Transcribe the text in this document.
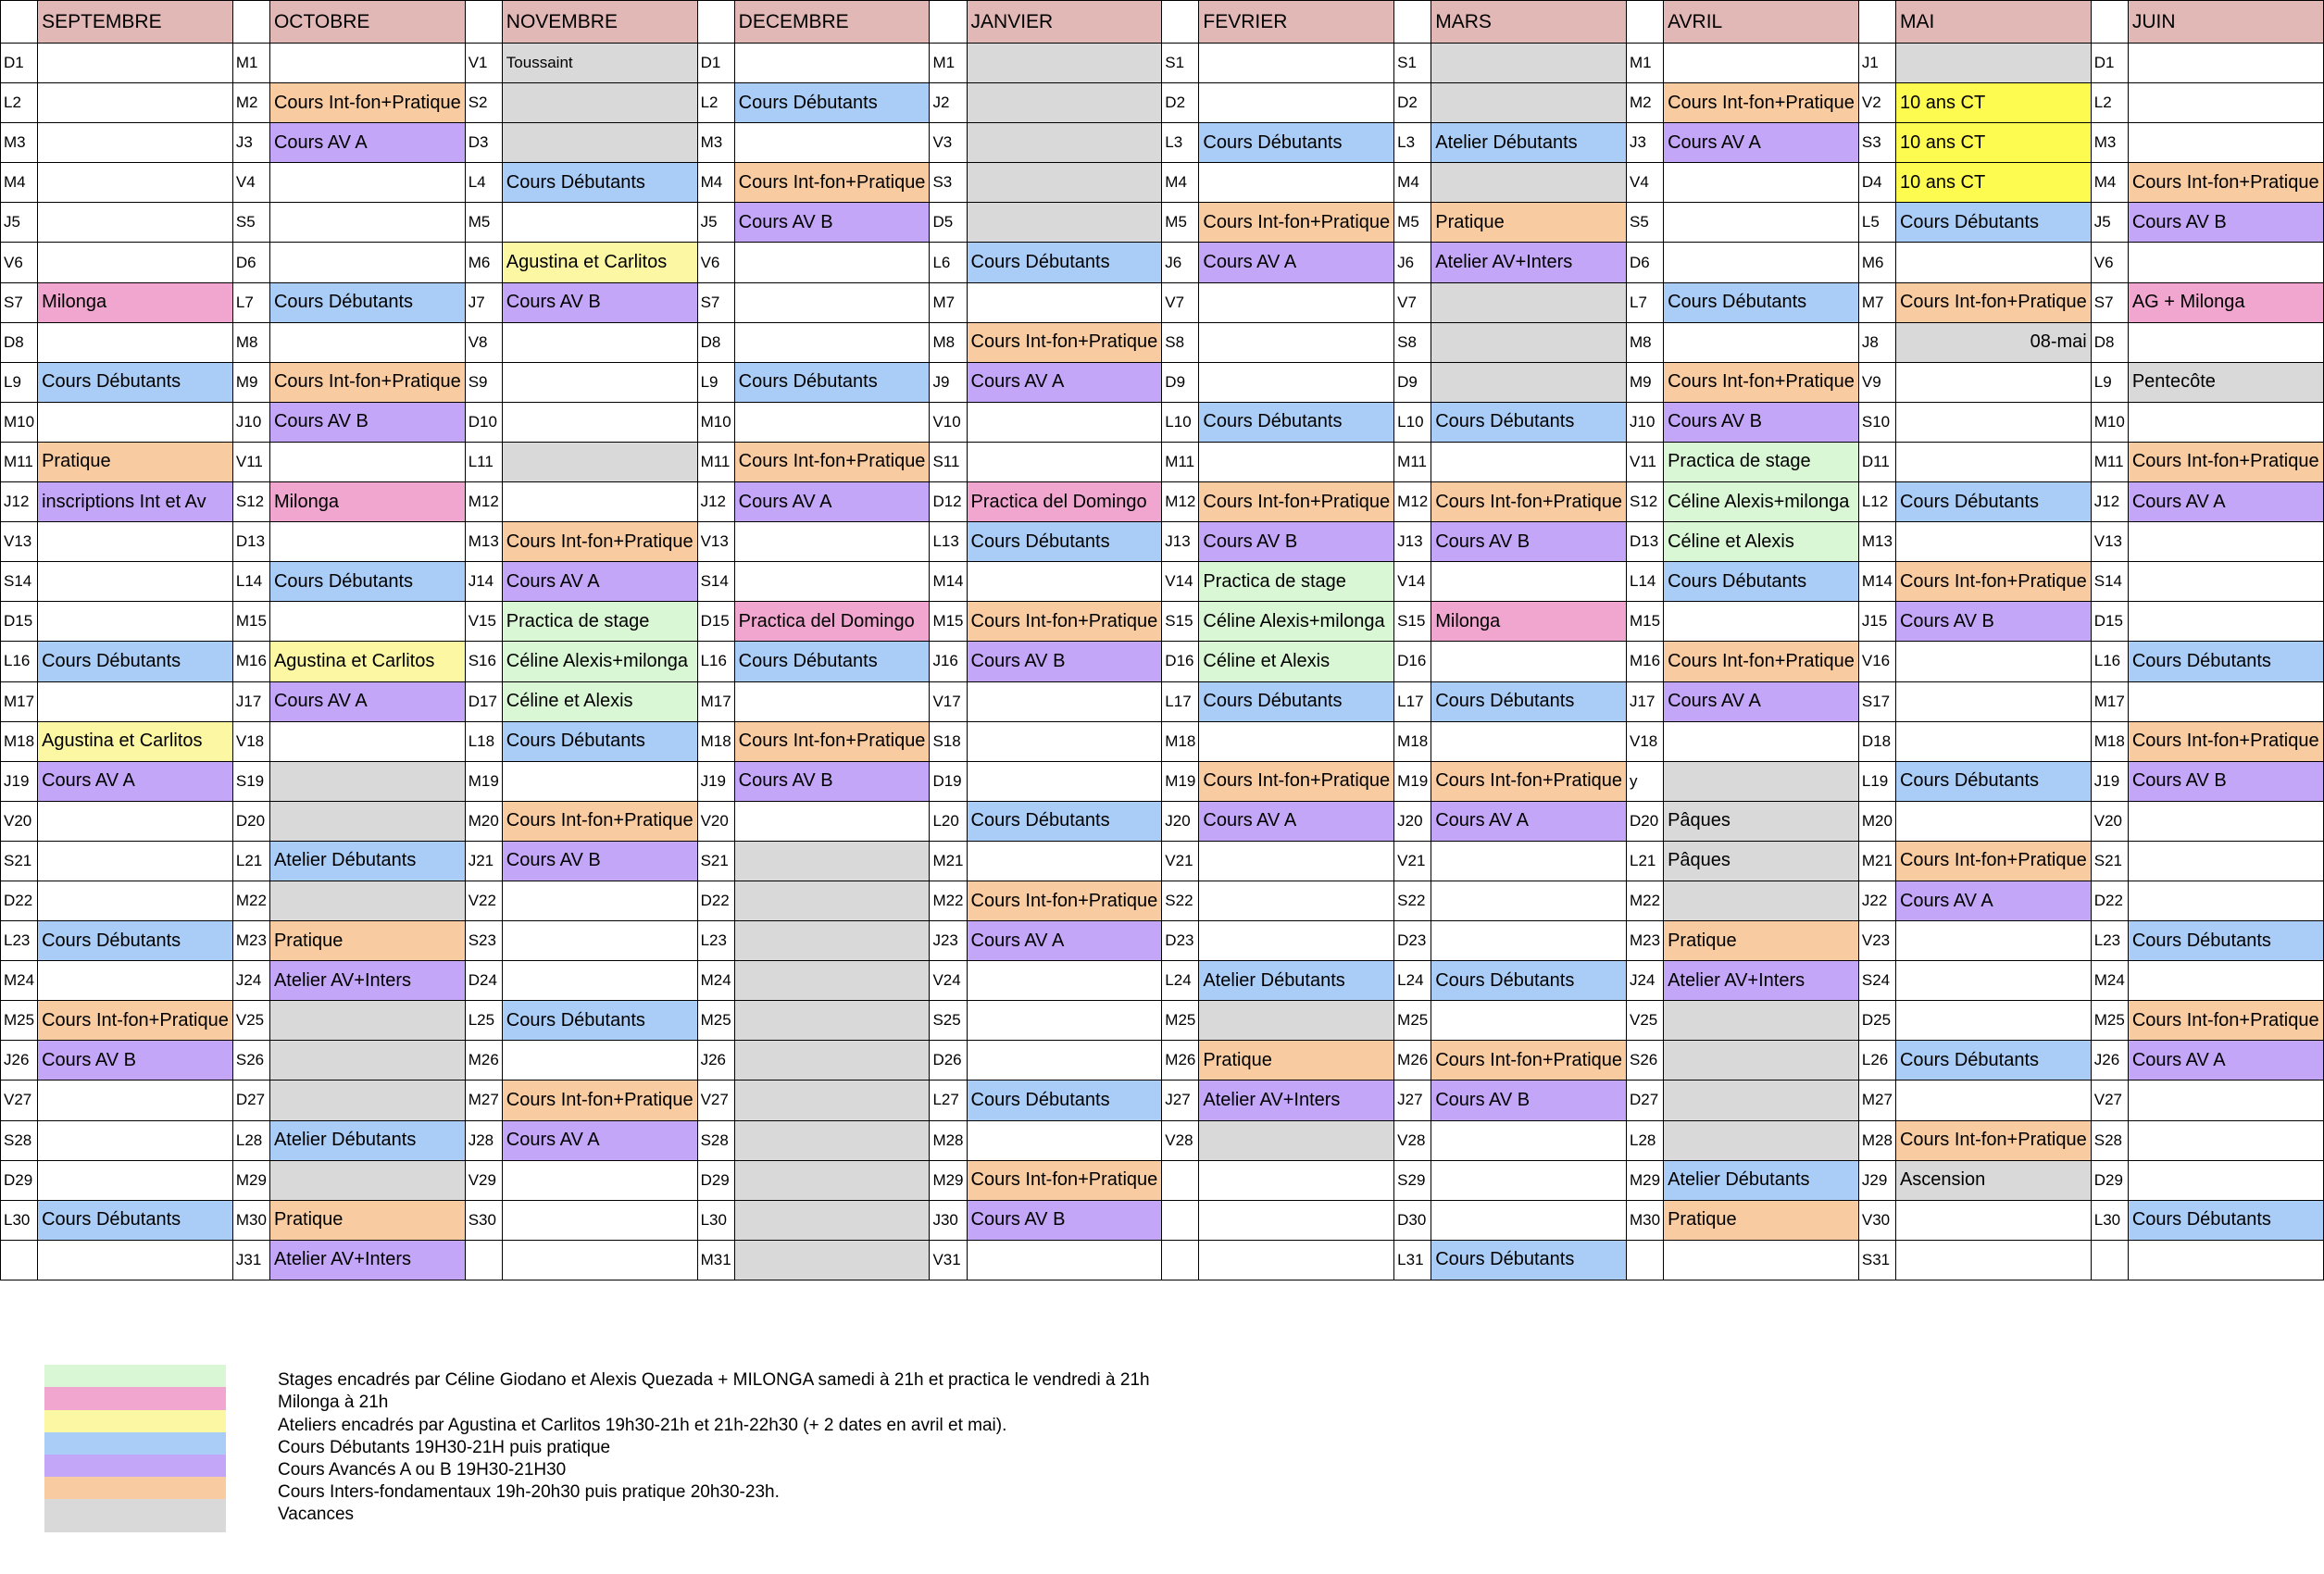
	SEPTEMBRE		OCTOBRE		NOVEMBRE		DECEMBRE		JANVIER		FEVRIER		MARS		AVRIL		MAI		JUIN
D1		M1		V1	Toussaint	D1		M1		S1		S1		M1		J1		D1	
L2		M2	Cours Int-fon+Pratique	S2		L2	Cours Débutants	J2		D2		D2		M2	Cours Int-fon+Pratique	V2	10 ans CT	L2	
M3		J3	Cours AV A	D3		M3		V3		L3	Cours Débutants	L3	Atelier Débutants	J3	Cours AV A	S3	10 ans CT	M3	
M4		V4		L4	Cours Débutants	M4	Cours Int-fon+Pratique	S3		M4		M4		V4		D4	10 ans CT	M4	Cours Int-fon+Pratique
J5		S5		M5		J5	Cours AV B	D5		M5	Cours Int-fon+Pratique	M5	Pratique	S5		L5	Cours Débutants	J5	Cours AV B
V6		D6		M6	Agustina et Carlitos	V6		L6	Cours Débutants	J6	Cours AV A	J6	Atelier AV+Inters	D6		M6		V6	
S7	Milonga	L7	Cours Débutants	J7	Cours AV B	S7		M7		V7		V7		L7	Cours Débutants	M7	Cours Int-fon+Pratique	S7	AG + Milonga
D8		M8		V8		D8		M8	Cours Int-fon+Pratique	S8		S8		M8		J8	08-mai	D8	
L9	Cours Débutants	M9	Cours Int-fon+Pratique	S9		L9	Cours Débutants	J9	Cours AV A	D9		D9		M9	Cours Int-fon+Pratique	V9		L9	Pentecôte
M10		J10	Cours AV B	D10		M10		V10		L10	Cours Débutants	L10	Cours Débutants	J10	Cours AV B	S10		M10	
M11	Pratique	V11		L11		M11	Cours Int-fon+Pratique	S11		M11		M11		V11	Practica de stage	D11		M11	Cours Int-fon+Pratique
J12	inscriptions Int et Av	S12	Milonga	M12		J12	Cours AV A	D12	Practica del Domingo	M12	Cours Int-fon+Pratique	M12	Cours Int-fon+Pratique	S12	Céline Alexis+milonga	L12	Cours Débutants	J12	Cours AV A
V13		D13		M13	Cours Int-fon+Pratique	V13		L13	Cours Débutants	J13	Cours AV B	J13	Cours AV B	D13	Céline et Alexis	M13		V13	
S14		L14	Cours Débutants	J14	Cours AV A	S14		M14		V14	Practica de stage	V14		L14	Cours Débutants	M14	Cours Int-fon+Pratique	S14	
D15		M15		V15	Practica de stage	D15	Practica del Domingo	M15	Cours Int-fon+Pratique	S15	Céline Alexis+milonga	S15	Milonga	M15		J15	Cours AV B	D15	
L16	Cours Débutants	M16	Agustina et Carlitos	S16	Céline Alexis+milonga	L16	Cours Débutants	J16	Cours AV B	D16	Céline et Alexis	D16		M16	Cours Int-fon+Pratique	V16		L16	Cours Débutants
M17		J17	Cours AV A	D17	Céline et Alexis	M17		V17		L17	Cours Débutants	L17	Cours Débutants	J17	Cours AV A	S17		M17	
M18	Agustina et Carlitos	V18		L18	Cours Débutants	M18	Cours Int-fon+Pratique	S18		M18		M18		V18		D18		M18	Cours Int-fon+Pratique
J19	Cours AV A	S19		M19		J19	Cours AV B	D19		M19	Cours Int-fon+Pratique	M19	Cours Int-fon+Pratique	y		L19	Cours Débutants	J19	Cours AV B
V20		D20		M20	Cours Int-fon+Pratique	V20		L20	Cours Débutants	J20	Cours AV A	J20	Cours AV A	D20	Pâques	M20		V20	
S21		L21	Atelier Débutants	J21	Cours AV B	S21		M21		V21		V21		L21	Pâques	M21	Cours Int-fon+Pratique	S21	
D22		M22		V22		D22		M22	Cours Int-fon+Pratique	S22		S22		M22		J22	Cours AV A	D22	
L23	Cours Débutants	M23	Pratique	S23		L23		J23	Cours AV A	D23		D23		M23	Pratique	V23		L23	Cours Débutants
M24		J24	Atelier AV+Inters	D24		M24		V24		L24	Atelier Débutants	L24	Cours Débutants	J24	Atelier AV+Inters	S24		M24	
M25	Cours Int-fon+Pratique	V25		L25	Cours Débutants	M25		S25		M25		M25		V25		D25		M25	Cours Int-fon+Pratique
J26	Cours AV B	S26		M26		J26		D26		M26	Pratique	M26	Cours Int-fon+Pratique	S26		L26	Cours Débutants	J26	Cours AV A
V27		D27		M27	Cours Int-fon+Pratique	V27		L27	Cours Débutants	J27	Atelier AV+Inters	J27	Cours AV B	D27		M27		V27	
S28		L28	Atelier Débutants	J28	Cours AV A	S28		M28		V28		V28		L28		M28	Cours Int-fon+Pratique	S28	
D29		M29		V29		D29		M29	Cours Int-fon+Pratique			S29		M29	Atelier Débutants	J29	Ascension	D29	
L30	Cours Débutants	M30	Pratique	S30		L30		J30	Cours AV B			D30		M30	Pratique	V30		L30	Cours Débutants
		J31	Atelier AV+Inters			M31		V31				L31	Cours Débutants			S31			
Stages encadrés par Céline Giodano et Alexis Quezada + MILONGA samedi à 21h et practica le vendredi à 21h
Milonga à 21h
Ateliers encadrés par Agustina et Carlitos 19h30-21h et 21h-22h30 (+ 2 dates en avril et mai).
Cours Débutants 19H30-21H puis pratique
Cours Avancés A ou B 19H30-21H30
Cours Inters-fondamentaux 19h-20h30 puis pratique 20h30-23h.
Vacances
